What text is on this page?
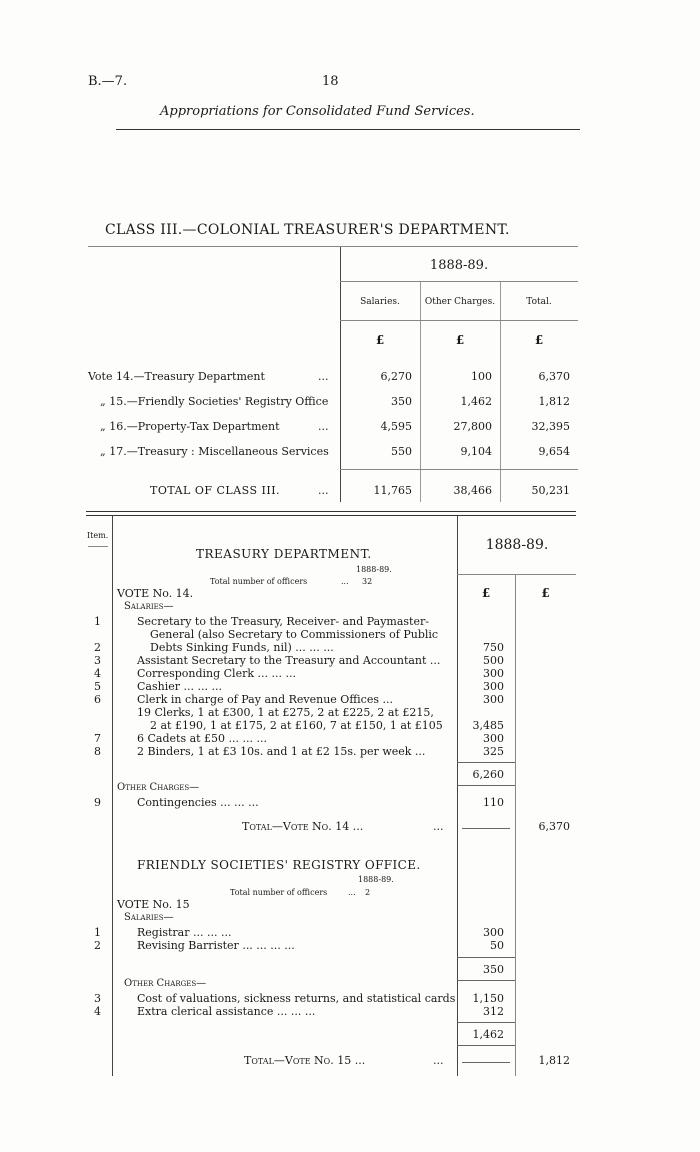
B.—7.	18
Appropriations for Consolidated Fund Services.
CLASS III.—COLONIAL TREASURER'S DEPARTMENT.
1888-89.
Salaries.	Other Charges.	Total.
£	£	£
Vote 14.—Treasury Department	...	6,270	100	6,370
„ 15.—Friendly Societies' Registry Office	350	1,462	1,812
„ 16.—Property-Tax Department	...	4,595	27,800	32,395
„ 17.—Treasury : Miscellaneous Services	550	9,104	9,654
TOTAL OF CLASS III.	...	11,765	38,466	50,231
Item.
1888-89.
£	£
TREASURY DEPARTMENT.
1888-89.
Total number of officers	... 32
VOTE No. 14.
Salaries—
1	Secretary to the Treasury, Receiver- and Paymaster-
General (also Secretary to Commissioners of Public
2	Debts Sinking Funds, nil) ... ... ...	750
3	Assistant Secretary to the Treasury and Accountant ...	500
4	Corresponding Clerk ... ... ...	300
5	Cashier ... ... ...	300
6	Clerk in charge of Pay and Revenue Offices ...	300
19 Clerks, 1 at £300, 1 at £275, 2 at £225, 2 at £215,
2 at £190, 1 at £175, 2 at £160, 7 at £150, 1 at £105	3,485
7	6 Cadets at £50 ... ... ...	300
8	2 Binders, 1 at £3 10s. and 1 at £2 15s. per week ...	325
6,260
Other Charges—
9	Contingencies ... ... ...	110
Total—Vote No. 14 ...	...	6,370
FRIENDLY SOCIETIES' REGISTRY OFFICE.
1888-89.
Total number of officers	... 2
VOTE No. 15
Salaries—
1	Registrar ... ... ...	300
2	Revising Barrister ... ... ... ...	50
350
Other Charges—
3	Cost of valuations, sickness returns, and statistical cards	1,150
4	Extra clerical assistance ... ... ...	312
1,462
Total—Vote No. 15 ...	...	1,812
